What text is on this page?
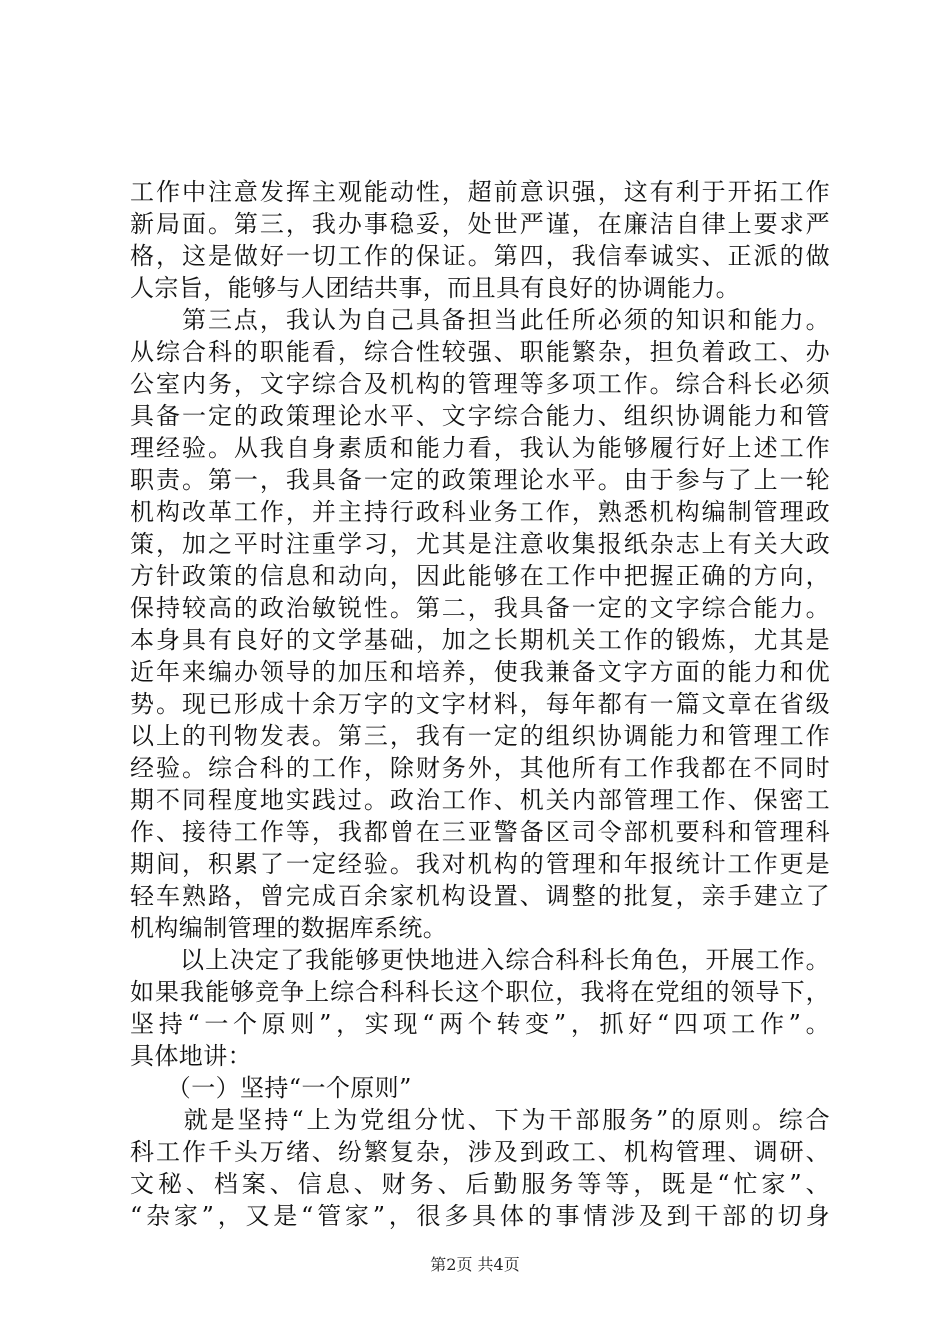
工作中注意发挥主观能动性，超前意识强，这有利于开拓工作
新局面。第三，我办事稳妥，处世严谨，在廉洁自律上要求严
格，这是做好一切工作的保证。第四，我信奉诚实、正派的做
人宗旨，能够与人团结共事，而且具有良好的协调能力。
　　第三点，我认为自己具备担当此任所必须的知识和能力。
从综合科的职能看，综合性较强、职能繁杂，担负着政工、办
公室内务，文字综合及机构的管理等多项工作。综合科长必须
具备一定的政策理论水平、文字综合能力、组织协调能力和管
理经验。从我自身素质和能力看，我认为能够履行好上述工作
职责。第一，我具备一定的政策理论水平。由于参与了上一轮
机构改革工作，并主持行政科业务工作，熟悉机构编制管理政
策，加之平时注重学习，尤其是注意收集报纸杂志上有关大政
方针政策的信息和动向，因此能够在工作中把握正确的方向，
保持较高的政治敏锐性。第二，我具备一定的文字综合能力。
本身具有良好的文学基础，加之长期机关工作的锻炼，尤其是
近年来编办领导的加压和培养，使我兼备文字方面的能力和优
势。现已形成十余万字的文字材料，每年都有一篇文章在省级
以上的刊物发表。第三，我有一定的组织协调能力和管理工作
经验。综合科的工作，除财务外，其他所有工作我都在不同时
期不同程度地实践过。政治工作、机关内部管理工作、保密工
作、接待工作等，我都曾在三亚警备区司令部机要科和管理科
期间，积累了一定经验。我对机构的管理和年报统计工作更是
轻车熟路，曾完成百余家机构设置、调整的批复，亲手建立了
机构编制管理的数据库系统。
　　以上决定了我能够更快地进入综合科科长角色，开展工作。
如果我能够竞争上综合科科长这个职位，我将在党组的领导下，
坚持“一个原则”，实现“两个转变”，抓好“四项工作”。
具体地讲：
　　（一）坚持“一个原则”
　　就是坚持“上为党组分忧、下为干部服务”的原则。综合
科工作千头万绪、纷繁复杂，涉及到政工、机构管理、调研、
文秘、档案、信息、财务、后勤服务等等，既是“忙家”、
“杂家”，又是“管家”，很多具体的事情涉及到干部的切身
第2页 共4页
